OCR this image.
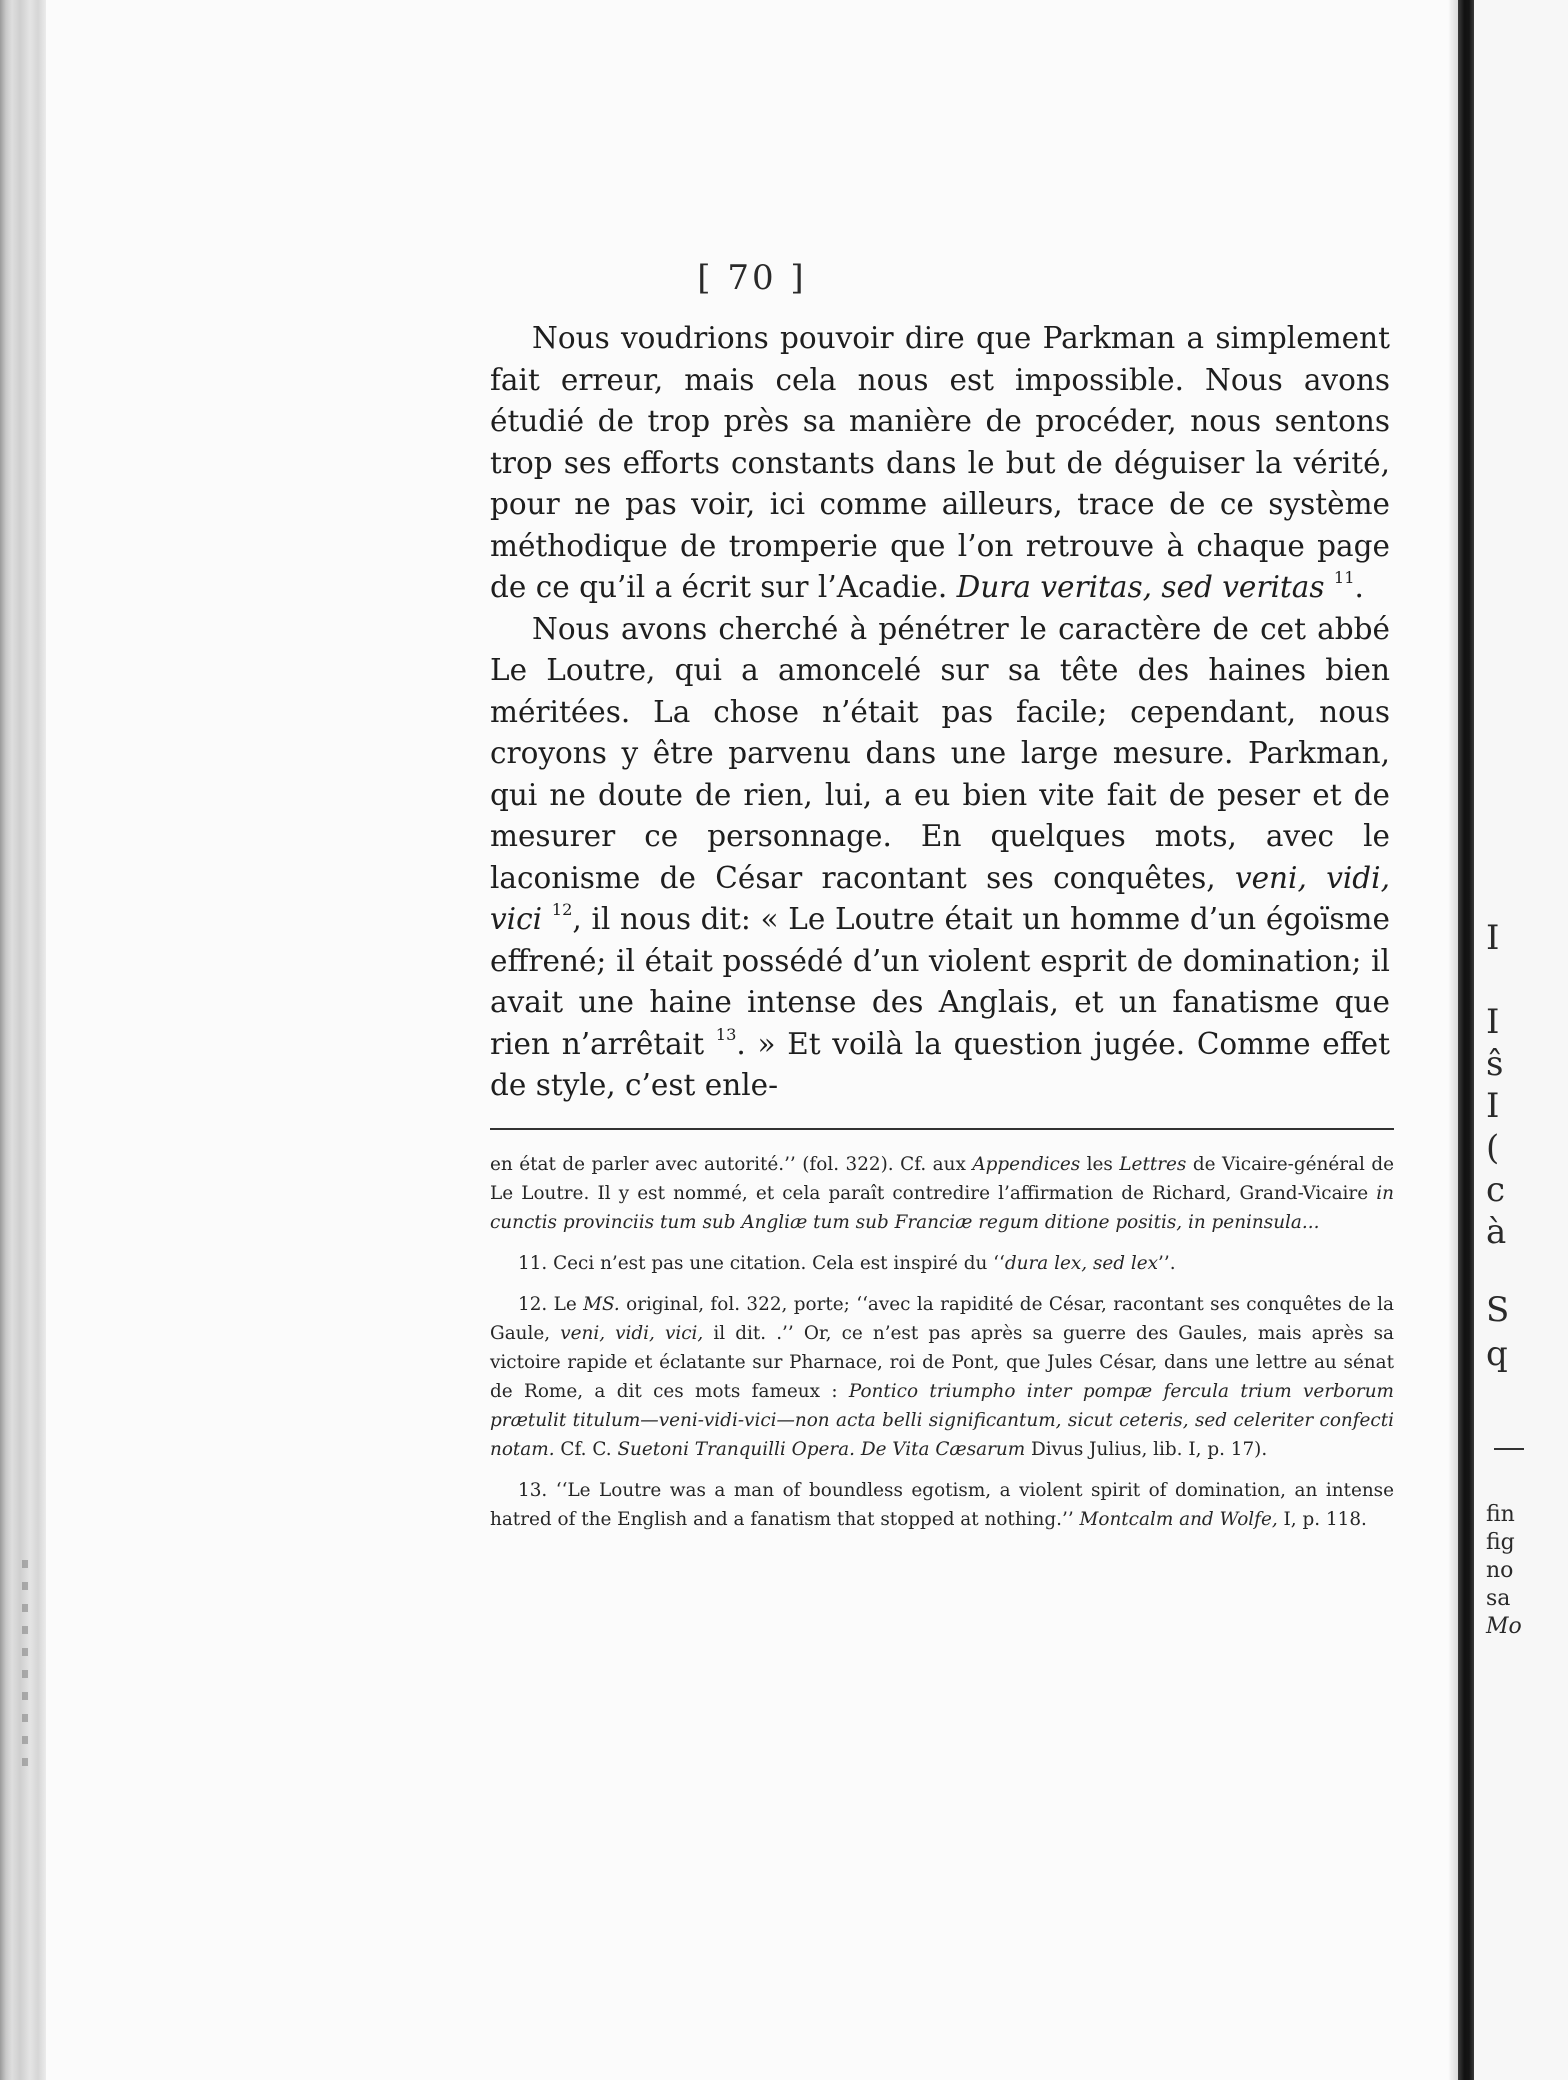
[ 70 ]

Nous voudrions pouvoir dire que Parkman a simplement fait erreur, mais cela nous est impossible. Nous avons étudié de trop près sa manière de procéder, nous sentons trop ses efforts constants dans le but de déguiser la vérité, pour ne pas voir, ici comme ailleurs, trace de ce système méthodique de tromperie que l’on retrouve à chaque page de ce qu’il a écrit sur l’Acadie. Dura veritas, sed veritas $^{11}$.

Nous avons cherché à pénétrer le caractère de cet abbé Le Loutre, qui a amoncelé sur sa tête des haines bien méritées. La chose n’était pas facile; cependant, nous croyons y être parvenu dans une large mesure. Parkman, qui ne doute de rien, lui, a eu bien vite fait de peser et de mesurer ce personnage. En quelques mots, avec le laconisme de César racontant ses conquêtes, veni, vidi, vici $^{12}$, il nous dit: « Le Loutre était un homme d’un égoïsme effrené; il était possédé d’un violent esprit de domination; il avait une haine intense des Anglais, et un fanatisme que rien n’arrêtait $^{13}$. » Et voilà la question jugée. Comme effet de style, c’est enle-

en état de parler avec autorité.’’ (fol. 322). Cf. aux Appendices les Lettres de Vicaire-général de Le Loutre. Il y est nommé, et cela paraît contredire l’affirmation de Richard, Grand-Vicaire in cunctis provinciis tum sub Angliæ tum sub Franciæ regum ditione positis, in peninsula...

11. Ceci n’est pas une citation. Cela est inspiré du ‘‘dura lex, sed lex’’.

12. Le MS. original, fol. 322, porte; ‘‘avec la rapidité de César, racontant ses conquêtes de la Gaule, veni, vidi, vici, il dit. .’’ Or, ce n’est pas après sa guerre des Gaules, mais après sa victoire rapide et éclatante sur Pharnace, roi de Pont, que Jules César, dans une lettre au sénat de Rome, a dit ces mots fameux : Pontico triumpho inter pompæ fercula trium verborum prætulit titulum—veni-vidi-vici—non acta belli significantum, sicut ceteris, sed celeriter confecti notam. Cf. C. Suetoni Tranquilli Opera. De Vita Cæsarum Divus Julius, lib. I, p. 17).

13. ‘‘Le Loutre was a man of boundless egotism, a violent spirit of domination, an intense hatred of the English and a fanatism that stopped at nothing.’’ Montcalm and Wolfe, I, p. 118.

I
I
ŝ
I
(
c
à
S
q
fin
fig
no
sa
Mo
